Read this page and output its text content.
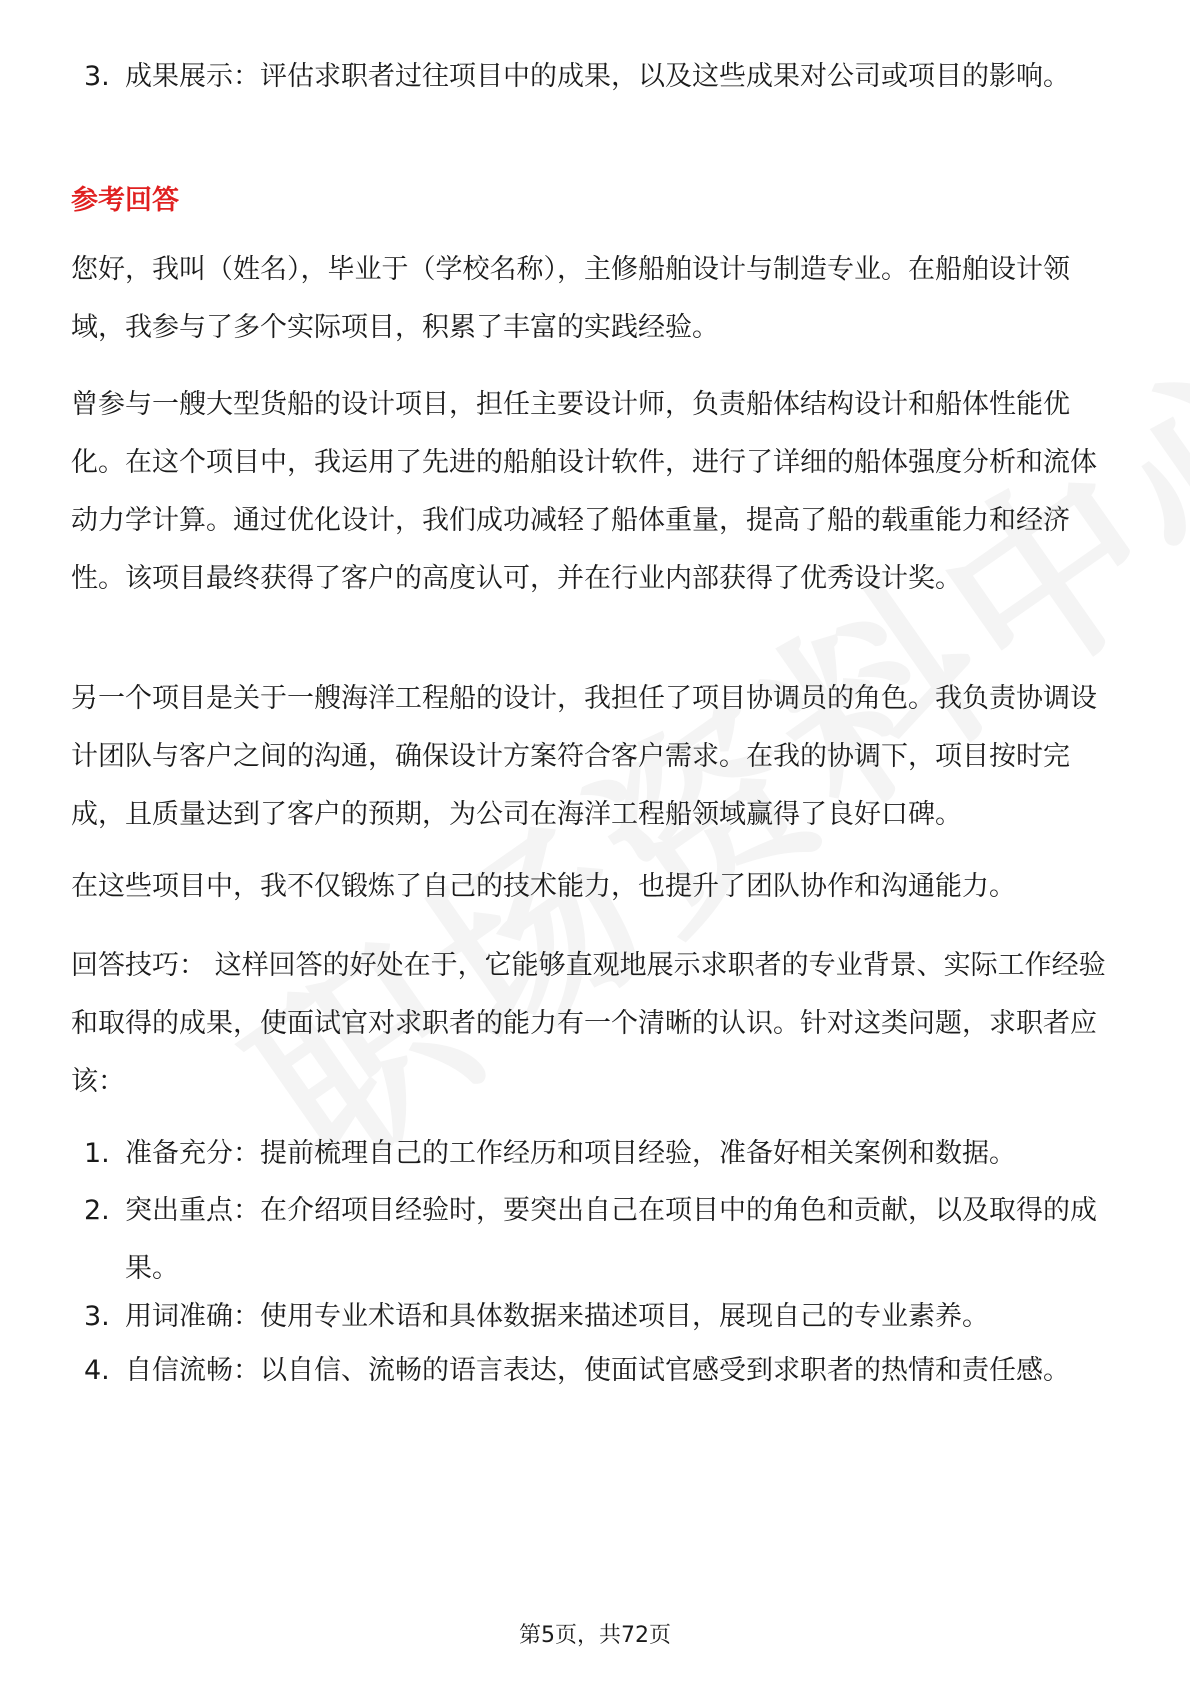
3. 成果展示：评估求职者过往项目中的成果，以及这些成果对公司或项目的影响。
参考回答

您好，我叫（姓名），毕业于（学校名称），主修船舶设计与制造专业。在船舶设计领域，我参与了多个实际项目，积累了丰富的实践经验。

曾参与一艘大型货船的设计项目，担任主要设计师，负责船体结构设计和船体性能优化。在这个项目中，我运用了先进的船舶设计软件，进行了详细的船体强度分析和流体动力学计算。通过优化设计，我们成功减轻了船体重量，提高了船的载重能力和经济性。该项目最终获得了客户的高度认可，并在行业内部获得了优秀设计奖。

另一个项目是关于一艘海洋工程船的设计，我担任了项目协调员的角色。我负责协调设计团队与客户之间的沟通，确保设计方案符合客户需求。在我的协调下，项目按时完成，且质量达到了客户的预期，为公司在海洋工程船领域赢得了良好口碑。

在这些项目中，我不仅锻炼了自己的技术能力，也提升了团队协作和沟通能力。

回答技巧： 这样回答的好处在于，它能够直观地展示求职者的专业背景、实际工作经验和取得的成果，使面试官对求职者的能力有一个清晰的认识。针对这类问题，求职者应该：

1. 准备充分：提前梳理自己的工作经历和项目经验，准备好相关案例和数据。
2. 突出重点：在介绍项目经验时，要突出自己在项目中的角色和贡献，以及取得的成果。
3. 用词准确：使用专业术语和具体数据来描述项目，展现自己的专业素养。
4. 自信流畅：以自信、流畅的语言表达，使面试官感受到求职者的热情和责任感。
第5页，共72页
